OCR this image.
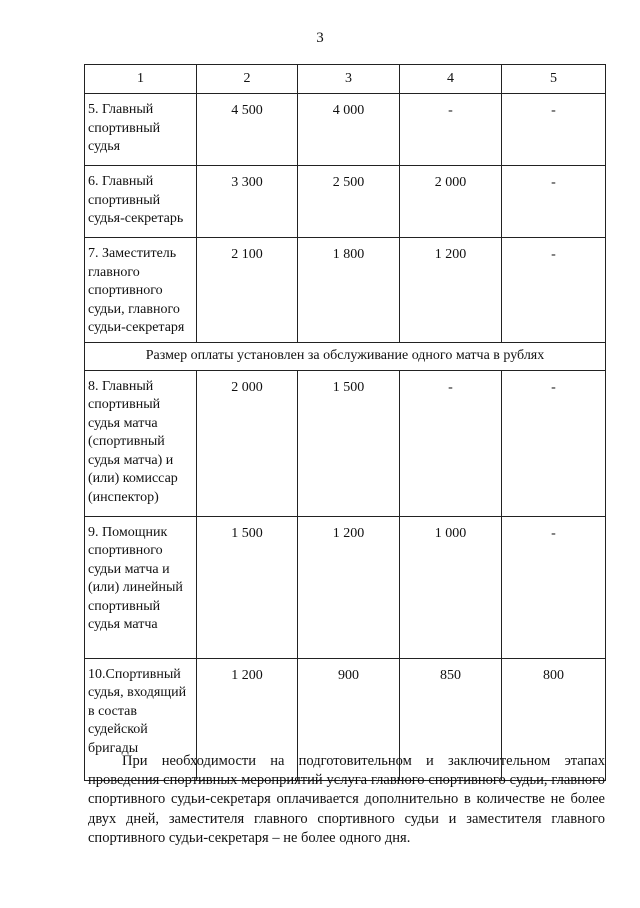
3
1	2	3	4	5
5. Главный спортивный судья	4 500	4 000	-	-
6. Главный спортивный судья-секретарь	3 300	2 500	2 000	-
7. Заместитель главного спортивного судьи, главного судьи-секретаря	2 100	1 800	1 200	-
Размер оплаты установлен за обслуживание одного матча в рублях				
8. Главный спортивный судья матча (спортивный судья матча) и (или) комиссар (инспектор)	2 000	1 500	-	-
9. Помощник спортивного судьи матча и (или) линейный спортивный судья матча	1 500	1 200	1 000	-
10.Спортивный судья, входящий в состав судейской бригады	1 200	900	850	800

При необходимости на подготовительном и заключительном этапах проведения спортивных мероприятий услуга главного спортивного судьи, главного спортивного судьи-секретаря оплачивается дополнительно в количестве не более двух дней, заместителя главного спортивного судьи и заместителя главного спортивного судьи-секретаря – не более одного дня.
